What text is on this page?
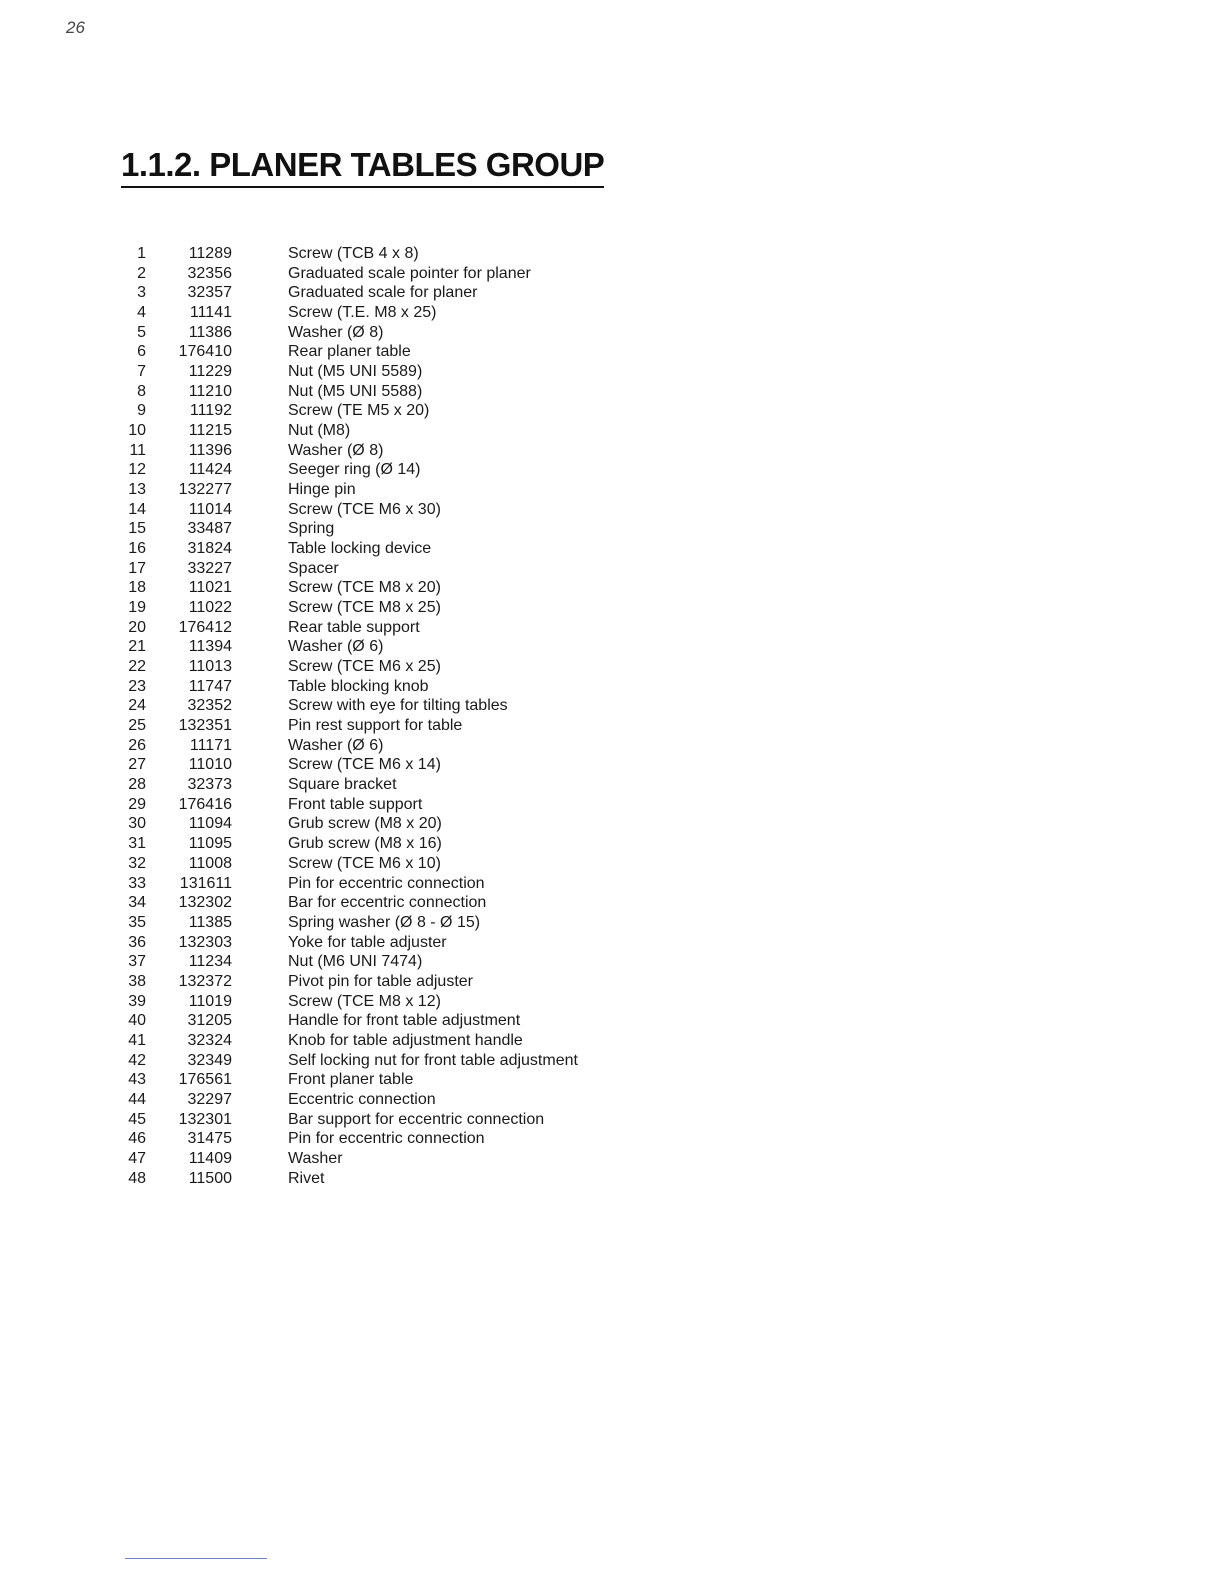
26
1.1.2. PLANER TABLES GROUP
1	11289	Screw (TCB 4 x 8)
2	32356	Graduated scale pointer for planer
3	32357	Graduated scale for planer
4	11141	Screw (T.E. M8 x 25)
5	11386	Washer (Ø 8)
6	176410	Rear planer table
7	11229	Nut (M5 UNI 5589)
8	11210	Nut (M5 UNI 5588)
9	11192	Screw (TE M5 x 20)
10	11215	Nut (M8)
11	11396	Washer (Ø 8)
12	11424	Seeger ring (Ø 14)
13	132277	Hinge pin
14	11014	Screw (TCE M6 x 30)
15	33487	Spring
16	31824	Table locking device
17	33227	Spacer
18	11021	Screw (TCE M8 x 20)
19	11022	Screw (TCE M8 x 25)
20	176412	Rear table support
21	11394	Washer (Ø 6)
22	11013	Screw (TCE M6 x 25)
23	11747	Table blocking knob
24	32352	Screw with eye for tilting tables
25	132351	Pin rest support for table
26	11171	Washer (Ø 6)
27	11010	Screw (TCE M6 x 14)
28	32373	Square bracket
29	176416	Front table support
30	11094	Grub screw (M8 x 20)
31	11095	Grub screw (M8 x 16)
32	11008	Screw (TCE M6 x 10)
33	131611	Pin for eccentric connection
34	132302	Bar for eccentric connection
35	11385	Spring washer (Ø 8 - Ø 15)
36	132303	Yoke for table adjuster
37	11234	Nut (M6 UNI 7474)
38	132372	Pivot pin for table adjuster
39	11019	Screw (TCE M8 x 12)
40	31205	Handle for front table adjustment
41	32324	Knob for table adjustment handle
42	32349	Self locking nut for front table adjustment
43	176561	Front planer table
44	32297	Eccentric connection
45	132301	Bar support for eccentric connection
46	31475	Pin for eccentric connection
47	11409	Washer
48	11500	Rivet
